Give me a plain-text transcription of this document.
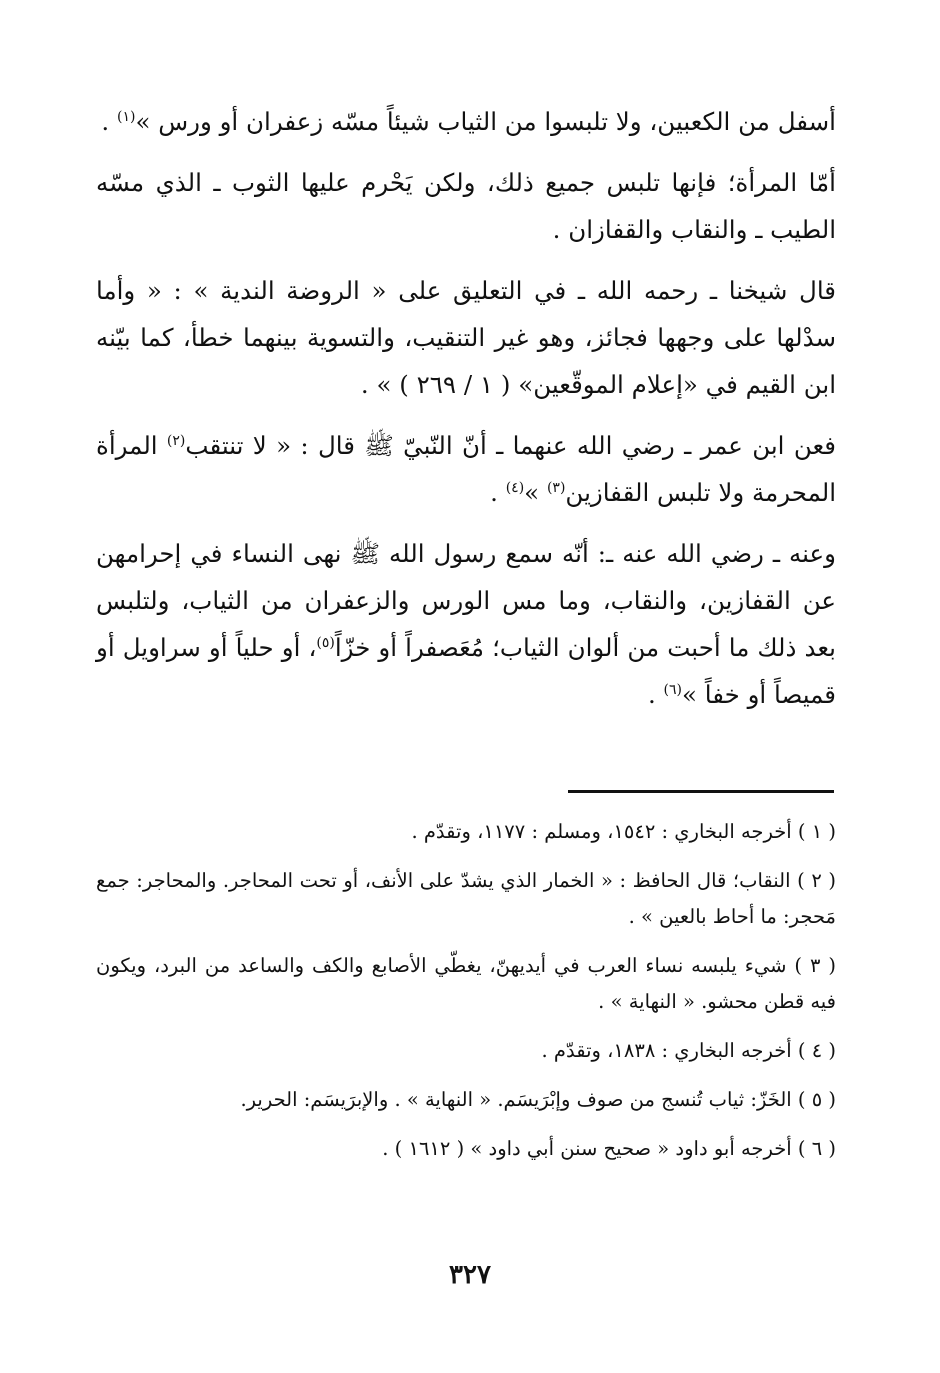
أسفل من الكعبين، ولا تلبسوا من الثياب شيئاً مسّه زعفران أو ورس »$^{(١)}$ .

أمّا المرأة؛ فإنها تلبس جميع ذلك، ولكن يَحْرم عليها الثوب ـ الذي مسّه الطيب ـ والنقاب والقفازان .

قال شيخنا ـ رحمه الله ـ في التعليق على « الروضة الندية » : « وأما سدْلها على وجهها فجائز، وهو غير التنقيب، والتسوية بينهما خطأ، كما بيّنه ابن القيم في «إعلام الموقّعين» ( ١ / ٢٦٩ ) » .

فعن ابن عمر ـ رضي الله عنهما ـ أنّ النّبيّ ﷺ قال : « لا تنتقب$^{(٢)}$ المرأة المحرمة ولا تلبس القفازين$^{(٣)}$ »$^{(٤)}$ .

وعنه ـ رضي الله عنه ـ: أنّه سمع رسول الله ﷺ نهى النساء في إحرامهن عن القفازين، والنقاب، وما مس الورس والزعفران من الثياب، ولتلبس بعد ذلك ما أحبت من ألوان الثياب؛ مُعَصفراً أو خزّاً$^{(٥)}$، أو حلياً أو سراويل أو قميصاً أو خفاً »$^{(٦)}$ .

( ١ ) أخرجه البخاري : ١٥٤٢، ومسلم : ١١٧٧، وتقدّم .

( ٢ ) النقاب؛ قال الحافظ : « الخمار الذي يشدّ على الأنف، أو تحت المحاجر. والمحاجر: جمع مَحجر: ما أحاط بالعين » .

( ٣ ) شيء يلبسه نساء العرب في أيديهنّ، يغطّي الأصابع والكف والساعد من البرد، ويكون فيه قطن محشو. « النهاية » .

( ٤ ) أخرجه البخاري : ١٨٣٨، وتقدّم .

( ٥ ) الخَزّ: ثياب تُنسج من صوف وإبْرَيسَم. « النهاية » . والإبرَيسَم: الحرير.

( ٦ ) أخرجه أبو داود « صحيح سنن أبي داود » ( ١٦١٢ ) .

٣٢٧
